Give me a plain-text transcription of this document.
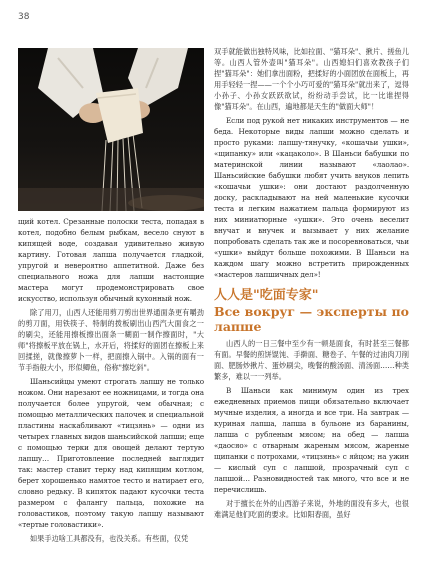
38

щий котел. Срезанные полоски теста, попадая в котел, подобно белым рыбкам, весело снуют в кипящей воде, создавая удивительно живую картину. Готовая лапша получается гладкой, упругой и невероятно аппетитной. Даже без специального ножа для лапши настоящие мастера могут продемонстрировать свое искусство, используя обычный кухонный нож.

除了用刀，山西人还能用剪刀剪出世界通面条更有嚼劲的剪刀面，用铁筷子、特制的拨板刷出山西汽大面食之一的刷尖，还能用擦板擦出面条一糊面一制作擦面时，"大师"将擦板平放在锅上，水开后，将揉好的面团在擦板上来回揉搓，就像擦萝卜一样，把面擦入锅中。入锅的面有一节手指般大小，形似鲫鱼，俗称"擦圪斜"。

Шаньсийцы умеют строгать лапшу не только ножом. Они нарезают ее ножницами, и тогда она получается более упругой, чем обычная; с помощью металлических палочек и специальной пластины наскабливают «тицзянь» — одни из четырех главных видов шаньсийской лапши; еще с помощью терки для овощей делают тертую лапшу… Приготовление последней выглядит так: мастер ставит терку над кипящим котлом, берет хорошенько намятое тесто и натирает его, словно редьку. В кипяток падают кусочки теста размером с фалангу пальца, похожие на головастиков, поэтому такую лапшу называют «тертые головастики».

如果手边啥工具都没有，也没关系。有些面，仅凭

双手就能做出独特风味，比如拉面、"猫耳朵"、揪片、搓鱼儿等。山西人管外壶叫"猫耳朵"。山西媳妇们喜欢教孩子们捏"猫耳朵"：她们拿出面粉，把揉好的小面团放在面板上，再用手轻轻一捏——一个个小巧可爱的"猫耳朵"就出来了，逗得小孙子、小孙女跃跃欲试，纷纷动手尝试，比一比谁捏得像"猫耳朵"。在山西，遍地都是天生的"做面大师"！

Если под рукой нет никаких инструментов — не беда. Некоторые виды лапши можно сделать и просто руками: лапшу-тянучку, «кошачьи ушки», «щипанку» или «кацаколо». В Шаньси бабушки по материнской линии называют «лаолао». Шаньсийские бабушки любят учить внуков лепить «кошачьи ушки»: они достают раздолченную доску, раскладывают на ней маленькие кусочки теста и легким нажатием пальца формируют из них миниатюрные «ушки». Это очень веселит внучат и внучек и вызывает у них желание попробовать сделать так же и посоревноваться, чьи «ушки» выйдут больше похожими. В Шаньси на каждом шагу можно встретить прирожденных «мастеров лапшичных дел»!

人人是"吃面专家"
Все вокруг — эксперты по лапше

山西人的一日三餐中至少有一顿是面食，有时甚至三餐都有面。早餐的煎饼馄饨、手擀面、糖卷子、午餐的过油肉刀削面、肥肠炒揪片、蛋炒刷尖，晚餐的酸汤面、清汤面……种类繁多，难以一一列举。

В Шаньси как минимум один из трех ежедневных приемов пищи обязательно включает мучные изделия, а иногда и все три. На завтрак — куриная лапша, лапша в бульоне из баранины, лапша с рубленым мясом; на обед — лапша «даосяо» с отварным жареным мясом, жареные щипанки с потрохами, «тицзянь» с яйцом; на ужин — кислый суп с лапшой, прозрачный суп с лапшой… Разновидностей так много, что все и не перечислишь.

对于擅长在外的山西游子来说，外地的面没有多大，也很难满足他们吃面的要求。比如阳春面，虽好
